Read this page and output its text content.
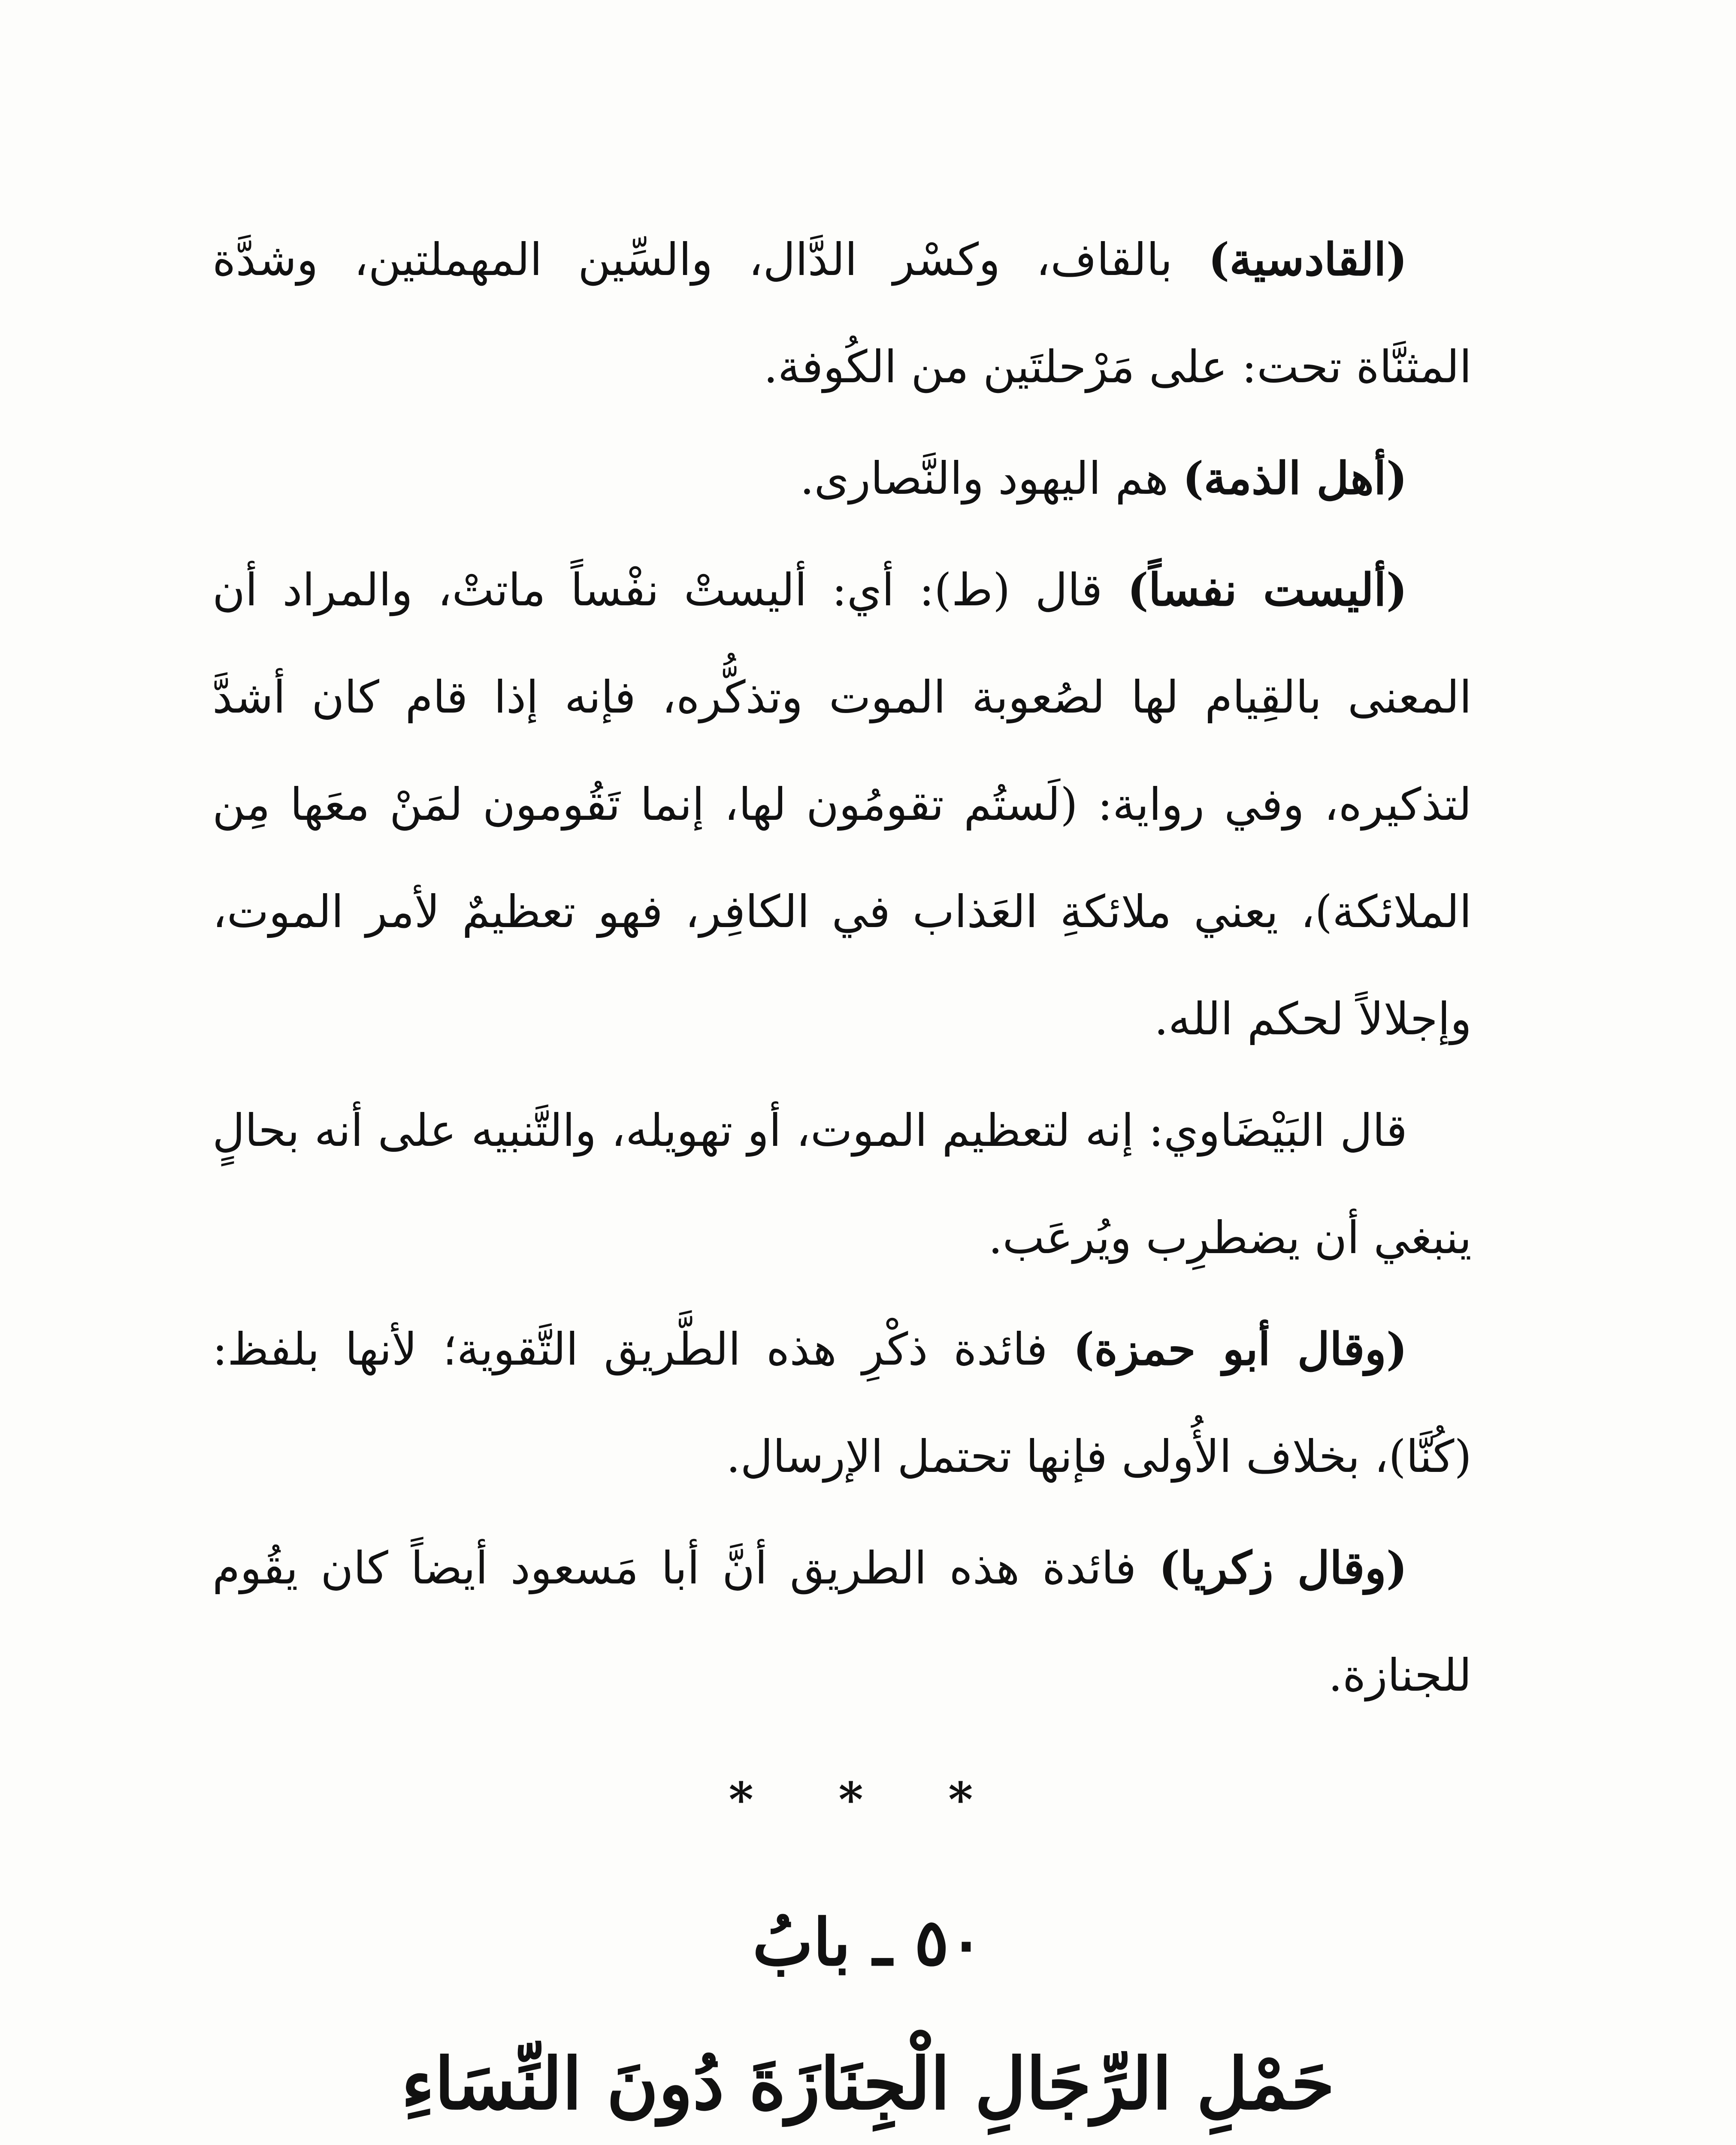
(القادسية) بالقاف، وكسْر الدَّال، والسِّين المهملتين، وشدَّة المثنَّاة تحت: على مَرْحلتَين من الكُوفة.

(أهل الذمة) هم اليهود والنَّصارى.

(أليست نفساً) قال (ط): أي: أليستْ نفْساً ماتتْ، والمراد أن المعنى بالقِيام لها لصُعوبة الموت وتذكُّره، فإنه إذا قام كان أشدَّ لتذكيره، وفي رواية: (لَستُم تقومُون لها، إنما تَقُومون لمَنْ معَها مِن الملائكة)، يعني ملائكةِ العَذاب في الكافِر، فهو تعظيمٌ لأمر الموت، وإجلالاً لحكم الله.

قال البَيْضَاوي: إنه لتعظيم الموت، أو تهويله، والتَّنبيه على أنه بحالٍ ينبغي أن يضطرِب ويُرعَب.

(وقال أبو حمزة) فائدة ذكْرِ هذه الطَّريق التَّقوية؛ لأنها بلفظ: (كُنَّا)، بخلاف الأُولى فإنها تحتمل الإرسال.

(وقال زكريا) فائدة هذه الطريق أنَّ أبا مَسعود أيضاً كان يقُوم للجنازة.

* * *
٥٠ ـ بابُ
حَمْلِ الرِّجَالِ الْجِنَازَةَ دُونَ النِّسَاءِ
